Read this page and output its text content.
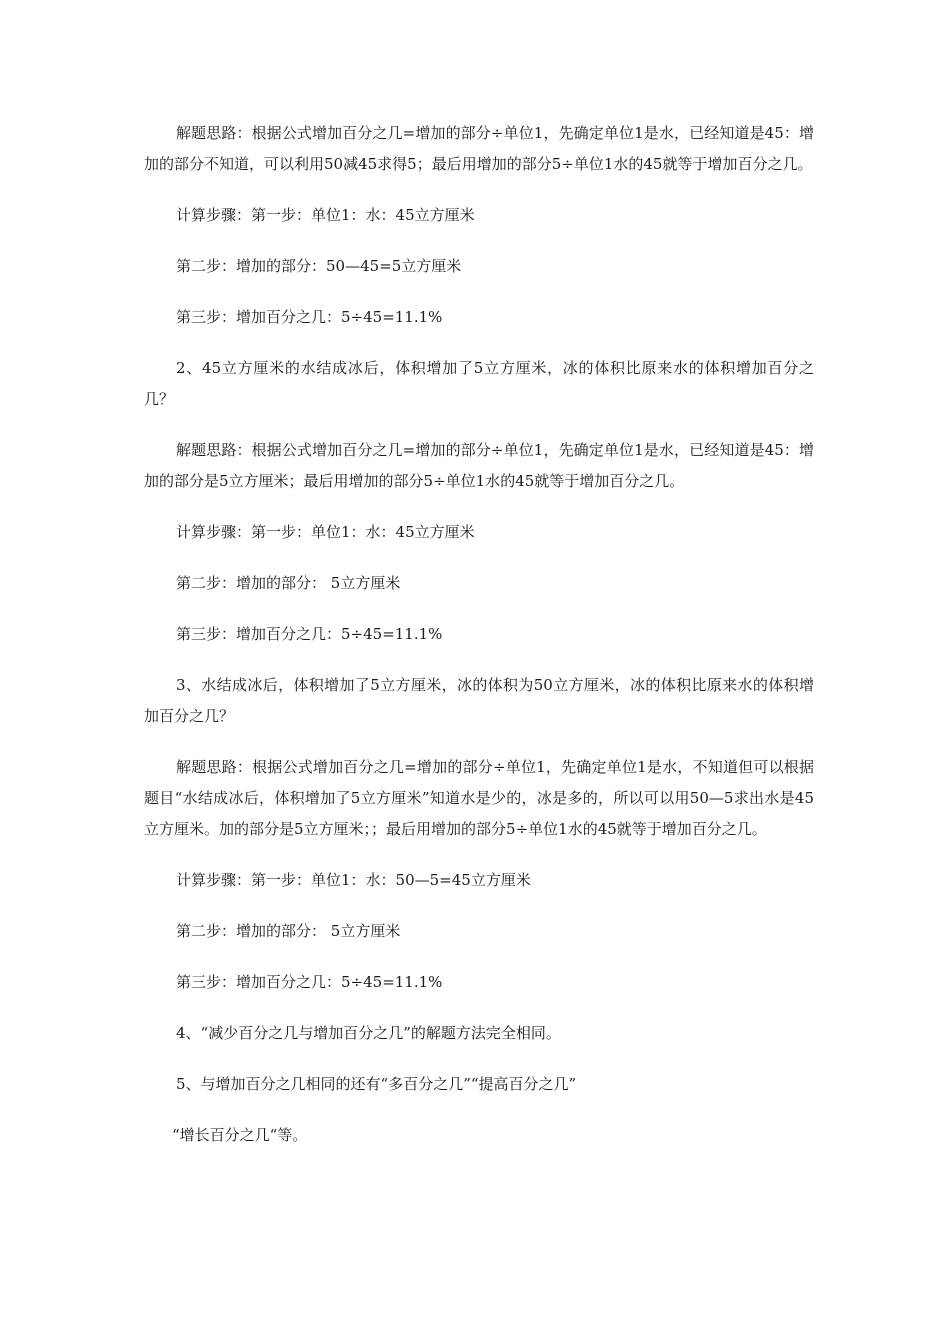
解题思路：根据公式增加百分之几=增加的部分÷单位1，先确定单位1是水，已经知道是45：增加的部分不知道，可以利用50减45求得5；最后用增加的部分5÷单位1水的45就等于增加百分之几。

计算步骤：第一步：单位1：水：45立方厘米

第二步：增加的部分：50—45=5立方厘米

第三步：增加百分之几：5÷45=11.1%

2、45立方厘米的水结成冰后，体积增加了5立方厘米，冰的体积比原来水的体积增加百分之几？

解题思路：根据公式增加百分之几=增加的部分÷单位1，先确定单位1是水，已经知道是45：增加的部分是5立方厘米；最后用增加的部分5÷单位1水的45就等于增加百分之几。

计算步骤：第一步：单位1：水：45立方厘米

第二步：增加的部分： 5立方厘米

第三步：增加百分之几：5÷45=11.1%

3、水结成冰后，体积增加了5立方厘米，冰的体积为50立方厘米，冰的体积比原来水的体积增加百分之几？

解题思路：根据公式增加百分之几=增加的部分÷单位1，先确定单位1是水，不知道但可以根据题目“水结成冰后，体积增加了5立方厘米”知道水是少的，冰是多的，所以可以用50—5求出水是45立方厘米。加的部分是5立方厘米；；最后用增加的部分5÷单位1水的45就等于增加百分之几。

计算步骤：第一步：单位1：水：50—5=45立方厘米

第二步：增加的部分： 5立方厘米

第三步：增加百分之几：5÷45=11.1%

4、“减少百分之几与增加百分之几”的解题方法完全相同。

5、与增加百分之几相同的还有“多百分之几”“提高百分之几”

“增长百分之几“等。
